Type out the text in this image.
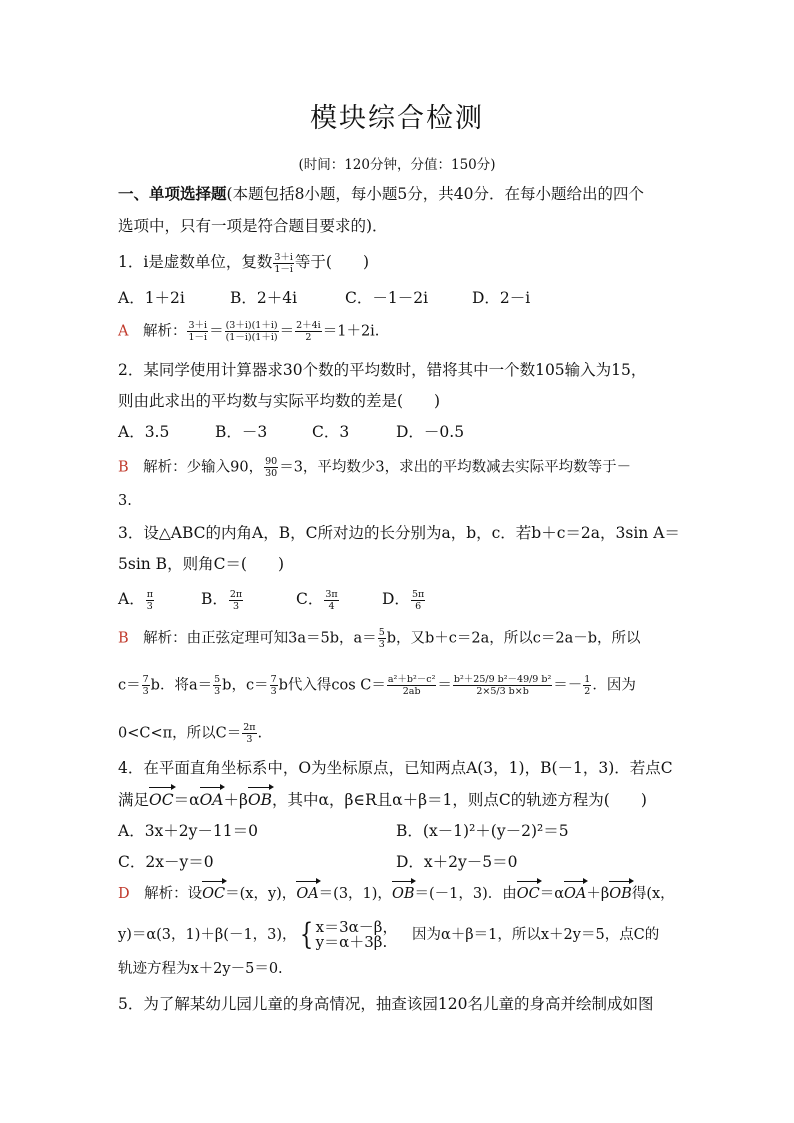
模块综合检测
(时间：120分钟，分值：150分)
一、单项选择题(本题包括8小题，每小题5分，共40分．在每小题给出的四个
选项中，只有一项是符合题目要求的)．
1．i是虚数单位，复数 $\frac{3+i}{1-i}$ 等于(　　)
A．1＋2i	B．2＋4i	C．－1－2i	D．2－i
A　 解析： $\frac{3+i}{1-i} = \frac{(3+i)(1+i)}{(1-i)(1+i)} = \frac{2+4i}{2} =1+2i$.
2．某同学使用计算器求30个数的平均数时，错将其中一个数105输入为15，
则由此求出的平均数与实际平均数的差是(　　)
A．3.5	B．－3	C．3	D．－0.5
B　 解析：少输入90， $\frac{90}{30} =3$，平均数少3，求出的平均数减去实际平均数等于－
3.
3．设△ABC的内角A，B，C所对边的长分别为a，b，c．若b＋c＝2a，3sin A＝
5sin B，则角C＝(　　)
A． $\frac{\pi}{3}$	B． $\frac{2\pi}{3}$	C． $\frac{3\pi}{4}$	D． $\frac{5\pi}{6}$
B　 解析：由正弦定理可知3a＝5b，$a= \frac{5}{3}$ b，又b＋c＝2a，所以c＝2a－b，所以
$c= \frac{7}{3}$ b．将$a= \frac{5}{3}$ b，$c= \frac{7}{3}$ b代入得$\cos C= \frac{\text{a²＋b²－c²}}{2ab} = \frac{\text{b²＋25/9 b²－49/9 b²}}{2\times 5/3 b\times b} =- \frac{1}{2}$ ．因为
0<C<π，所以$C= \frac{2\pi}{3}$ .
4．在平面直角坐标系中，O为坐标原点，已知两点A(3，1)，B(－1，3)．若点C
满足OC＝αOA＋βOB，其中α，β∈R且α＋β＝1，则点C的轨迹方程为(　　)
A．3x＋2y－11＝0	B．(x－1)²＋(y－2)²＝5
C．2x－y＝0	D．x＋2y－5＝0
D　 解析：设OC＝(x，y)，OA＝(3，1)，OB＝(－1，3)．由OC＝αOA＋βOB得(x，
y)＝α(3，1)＋β(－1，3)，{ x＝3α－β，
y＝α＋3β.
　	因为α＋β＝1，所以x＋2y＝5，点C的
轨迹方程为x＋2y－5＝0.
5．为了解某幼儿园儿童的身高情况，抽查该园120名儿童的身高并绘制成如图
